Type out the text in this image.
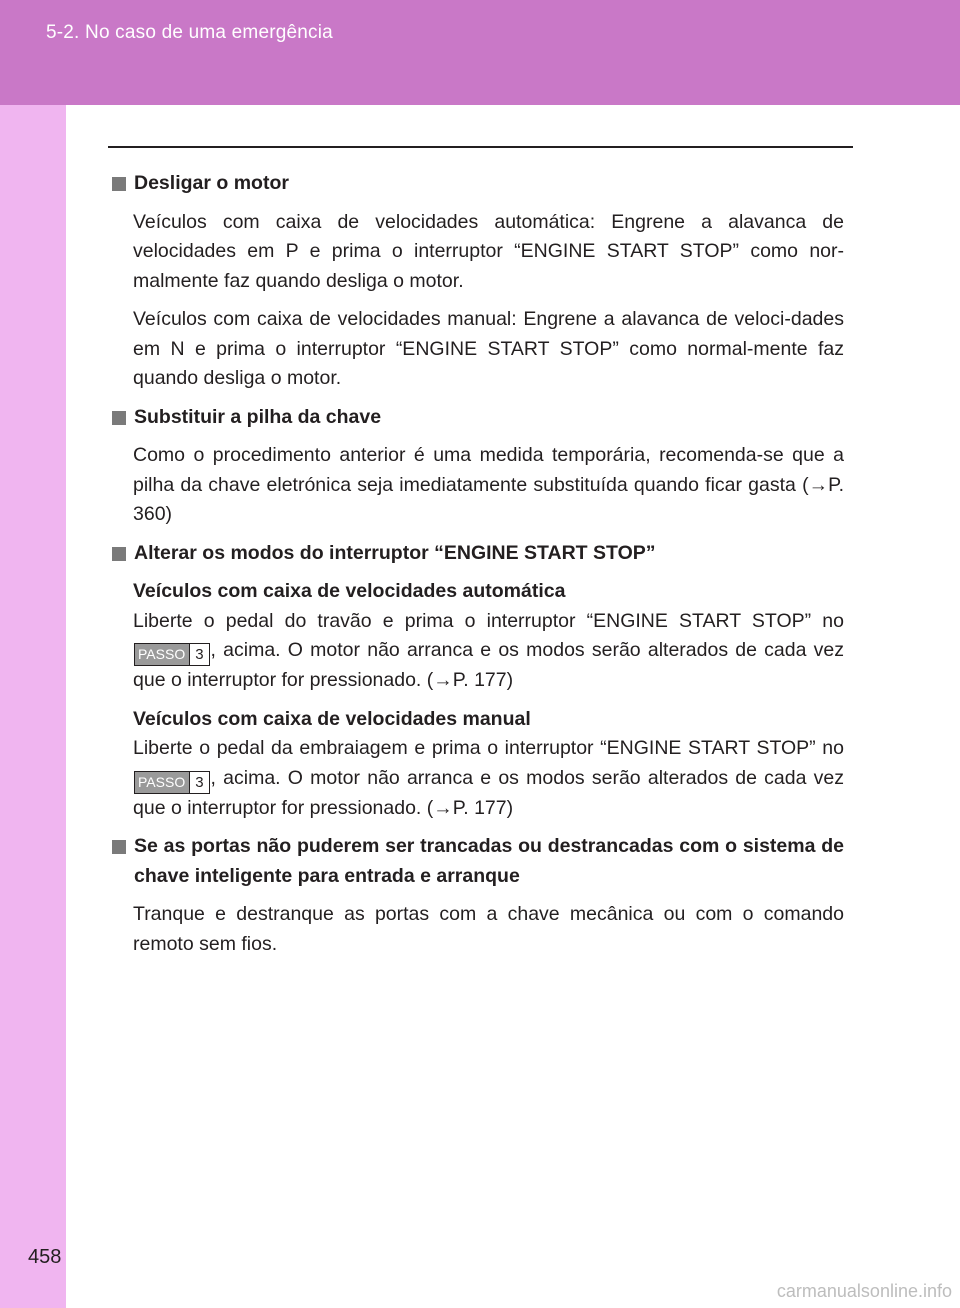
5-2. No caso de uma emergência
Desligar o motor

Veículos com caixa de velocidades automática: Engrene a alavanca de velocidades em P e prima o interruptor “ENGINE START STOP” como nor-malmente faz quando desliga o motor.

Veículos com caixa de velocidades manual: Engrene a alavanca de veloci-dades em N e prima o interruptor “ENGINE START STOP” como normal-mente faz quando desliga o motor.

Substituir a pilha da chave

Como o procedimento anterior é uma medida temporária, recomenda-se que a pilha da chave eletrónica seja imediatamente substituída quando ficar gasta (→P. 360)

Alterar os modos do interruptor “ENGINE START STOP”
Veículos com caixa de velocidades automática

Liberte o pedal do travão e prima o interruptor “ENGINE START STOP” no PASSO 3 , acima. O motor não arranca e os modos serão alterados de cada vez que o interruptor for pressionado. (→P. 177)

Veículos com caixa de velocidades manual

Liberte o pedal da embraiagem e prima o interruptor “ENGINE START STOP” no PASSO 3 , acima. O motor não arranca e os modos serão alterados de cada vez que o interruptor for pressionado. (→P. 177)

Se as portas não puderem ser trancadas ou destrancadas com o sistema de chave inteligente para entrada e arranque

Tranque e destranque as portas com a chave mecânica ou com o comando remoto sem fios.

458
carmanualsonline.info
